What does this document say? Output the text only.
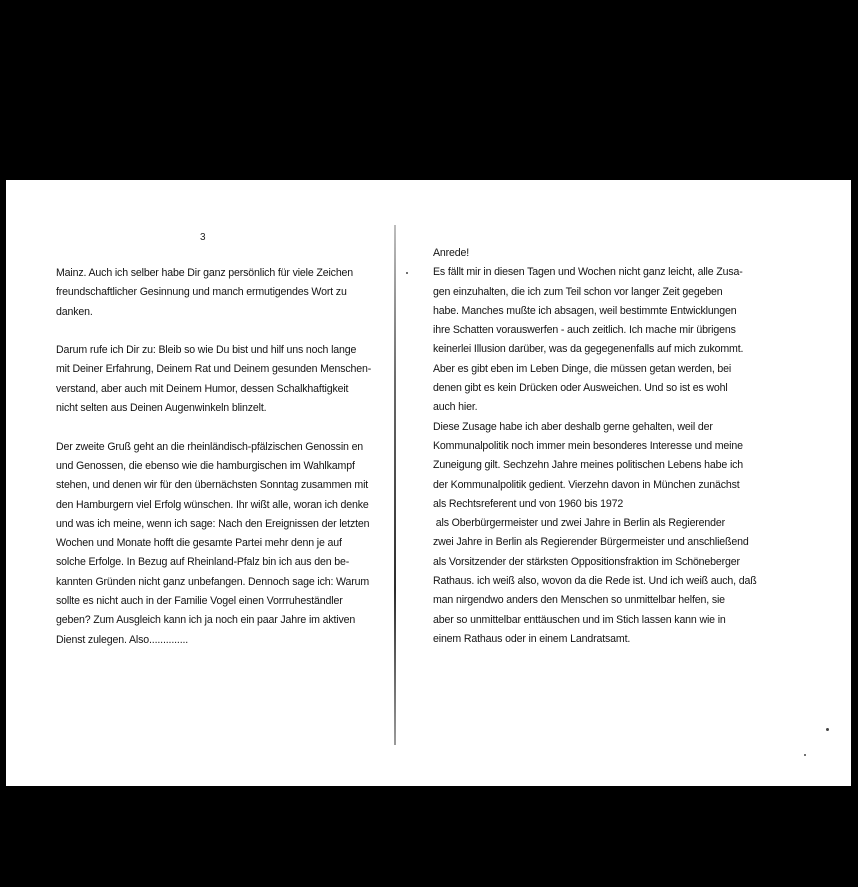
3
Mainz. Auch ich selber habe Dir ganz persönlich für viele Zeichen
freundschaftlicher Gesinnung und manch ermutigendes Wort zu
danken.
Darum rufe ich Dir zu: Bleib so wie Du bist und hilf uns noch lange
mit Deiner Erfahrung, Deinem Rat und Deinem gesunden Menschen-
verstand, aber auch mit Deinem Humor, dessen Schalkhaftigkeit
nicht selten aus Deinen Augenwinkeln blinzelt.
Der zweite Gruß geht an die rheinländisch-pfälzischen Genossin en
und Genossen, die ebenso wie die hamburgischen im Wahlkampf
stehen, und denen wir für den übernächsten Sonntag zusammen mit
den Hamburgern viel Erfolg wünschen. Ihr wißt alle, woran ich denke
und was ich meine, wenn ich sage: Nach den Ereignissen der letzten
Wochen und Monate hofft die gesamte Partei mehr denn je auf
solche Erfolge. In Bezug auf Rheinland-Pfalz bin ich aus den be-
kannten Gründen nicht ganz unbefangen. Dennoch sage ich: Warum
sollte es nicht auch in der Familie Vogel einen Vorrruheständler
geben? Zum Ausgleich kann ich ja noch ein paar Jahre im aktiven
Dienst zulegen. Also..............
Anrede!
Es fällt mir in diesen Tagen und Wochen nicht ganz leicht, alle Zusa-
gen einzuhalten, die ich zum Teil schon vor langer Zeit gegeben
habe. Manches mußte ich absagen, weil bestimmte Entwicklungen
ihre Schatten vorauswerfen - auch zeitlich. Ich mache mir übrigens
keinerlei Illusion darüber, was da gegegenenfalls auf mich zukommt.
Aber es gibt eben im Leben Dinge, die müssen getan werden, bei
denen gibt es kein Drücken oder Ausweichen. Und so ist es wohl
auch hier.
Diese Zusage habe ich aber deshalb gerne gehalten, weil der
Kommunalpolitik noch immer mein besonderes Interesse und meine
Zuneigung gilt. Sechzehn Jahre meines politischen Lebens habe ich
der Kommunalpolitik gedient. Vierzehn davon in München zunächst
als Rechtsreferent und von 1960 bis 1972
als Oberbürgermeister und zwei Jahre in Berlin als Regierender
zwei Jahre in Berlin als Regierender Bürgermeister und anschließend
als Vorsitzender der stärksten Oppositionsfraktion im Schöneberger
Rathaus. ich weiß also, wovon da die Rede ist. Und ich weiß auch, daß
man nirgendwo anders den Menschen so unmittelbar helfen, sie
aber so unmittelbar enttäuschen und im Stich lassen kann wie in
einem Rathaus oder in einem Landratsamt.
